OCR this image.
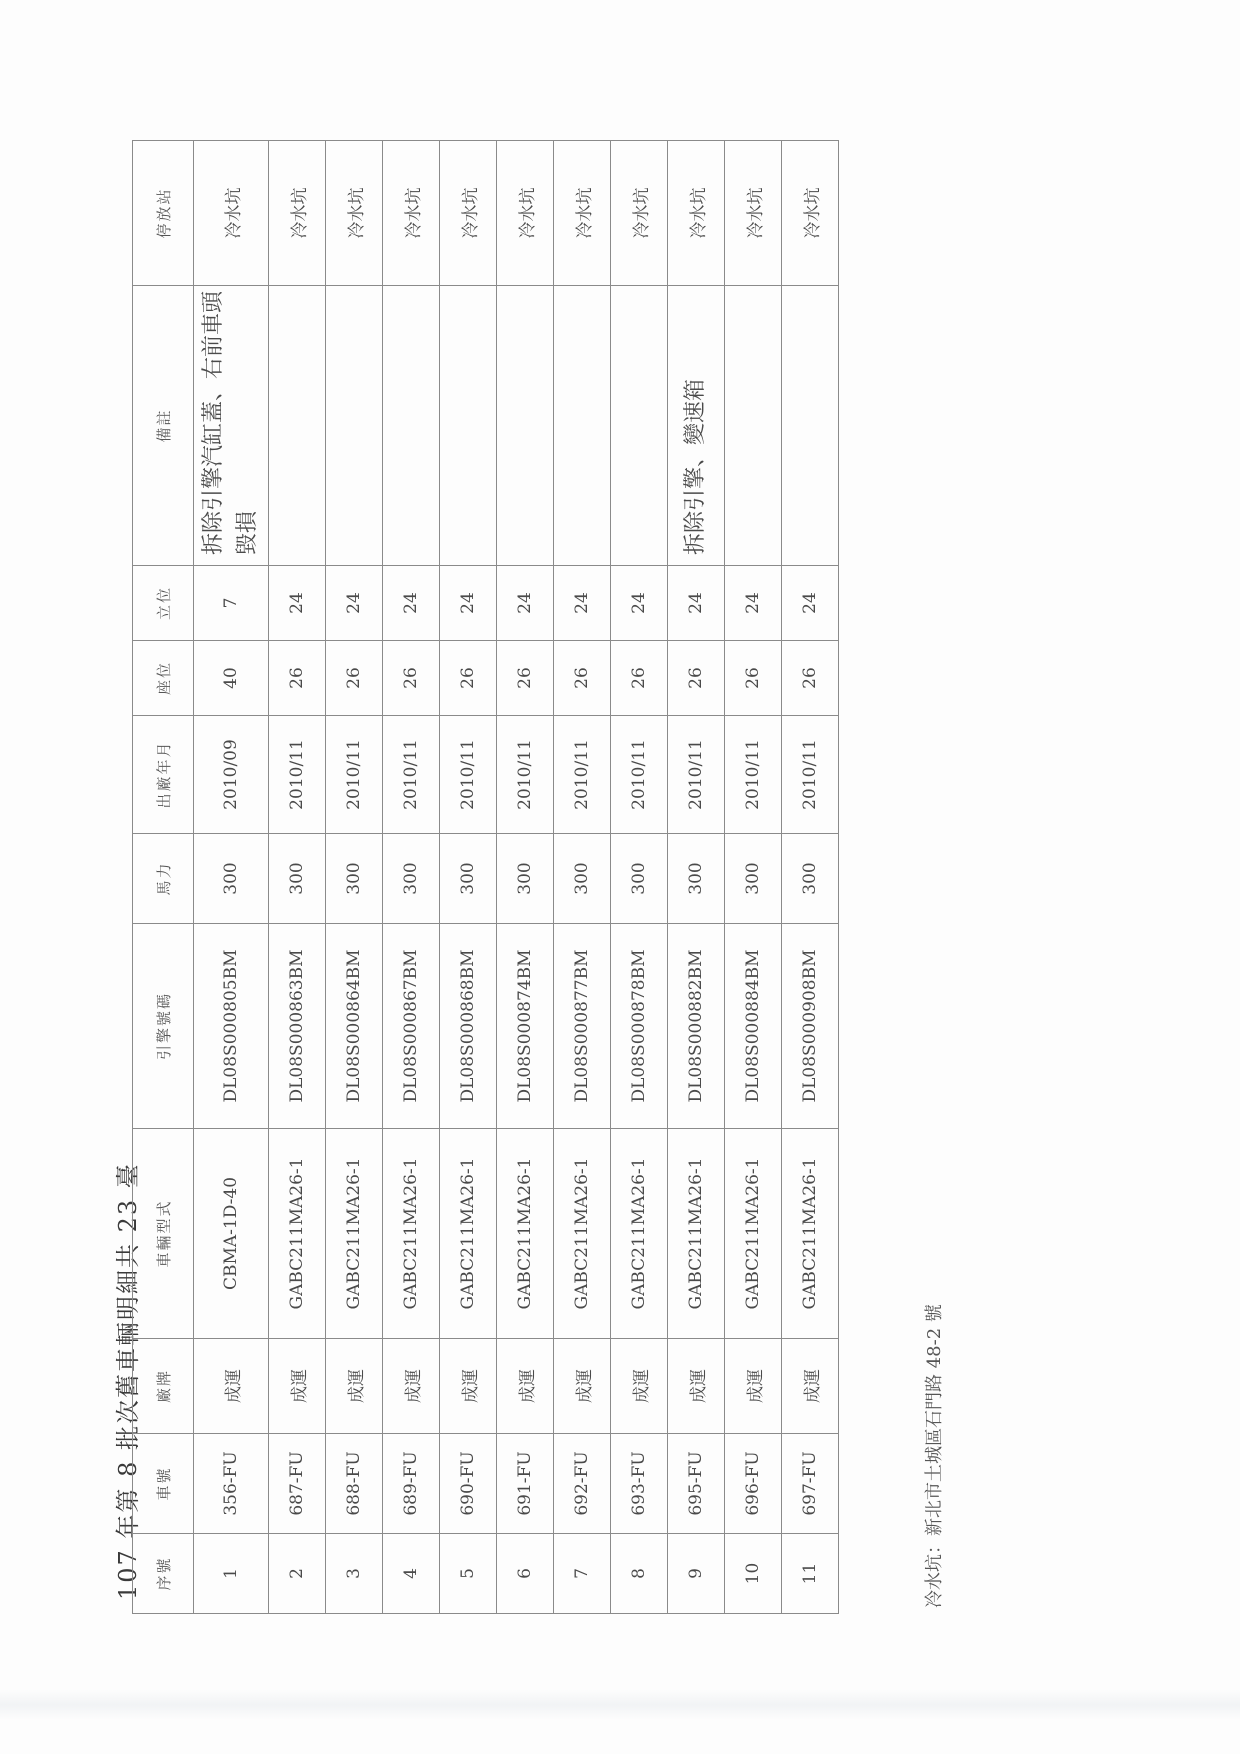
107 年第 8 批次舊車輛明細共 23 臺 序號	車號	廠牌	車輛型式	引擎號碼	馬力	出廠年月	座位	立位	備註	停放站
1	356-FU	成運	CBMA-1D-40	DL08S000805BM	300	2010/09	40	7	拆除引擎汽缸蓋、右前車頭毀損	冷水坑
2	687-FU	成運	GABC211MA26-1	DL08S000863BM	300	2010/11	26	24		冷水坑
3	688-FU	成運	GABC211MA26-1	DL08S000864BM	300	2010/11	26	24		冷水坑
4	689-FU	成運	GABC211MA26-1	DL08S000867BM	300	2010/11	26	24		冷水坑
5	690-FU	成運	GABC211MA26-1	DL08S000868BM	300	2010/11	26	24		冷水坑
6	691-FU	成運	GABC211MA26-1	DL08S000874BM	300	2010/11	26	24		冷水坑
7	692-FU	成運	GABC211MA26-1	DL08S000877BM	300	2010/11	26	24		冷水坑
8	693-FU	成運	GABC211MA26-1	DL08S000878BM	300	2010/11	26	24		冷水坑
9	695-FU	成運	GABC211MA26-1	DL08S000882BM	300	2010/11	26	24	拆除引擎、變速箱	冷水坑
10	696-FU	成運	GABC211MA26-1	DL08S000884BM	300	2010/11	26	24		冷水坑
11	697-FU	成運	GABC211MA26-1	DL08S000908BM	300	2010/11	26	24		冷水坑
冷水坑：新北市土城區石門路 48-2 號
